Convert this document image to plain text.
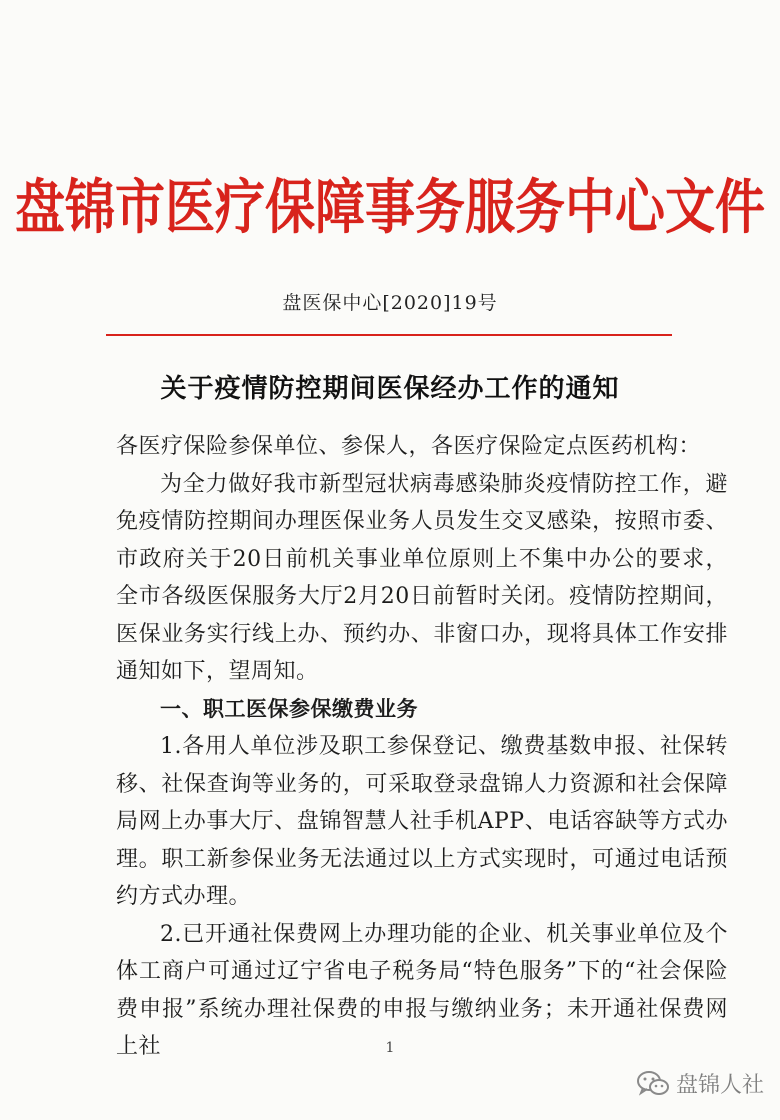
盘锦市医疗保障事务服务中心文件
盘医保中心[2020]19号
关于疫情防控期间医保经办工作的通知

各医疗保险参保单位、参保人，各医疗保险定点医药机构：

为全力做好我市新型冠状病毒感染肺炎疫情防控工作，避免疫情防控期间办理医保业务人员发生交叉感染，按照市委、市政府关于20日前机关事业单位原则上不集中办公的要求，全市各级医保服务大厅2月20日前暂时关闭。疫情防控期间，医保业务实行线上办、预约办、非窗口办，现将具体工作安排通知如下，望周知。

一、职工医保参保缴费业务

1.各用人单位涉及职工参保登记、缴费基数申报、社保转移、社保查询等业务的，可采取登录盘锦人力资源和社会保障局网上办事大厅、盘锦智慧人社手机APP、电话容缺等方式办理。职工新参保业务无法通过以上方式实现时，可通过电话预约方式办理。

2.已开通社保费网上办理功能的企业、机关事业单位及个体工商户可通过辽宁省电子税务局“特色服务”下的“社会保险费申报”系统办理社保费的申报与缴纳业务；未开通社保费网上社	1
盘锦人社
